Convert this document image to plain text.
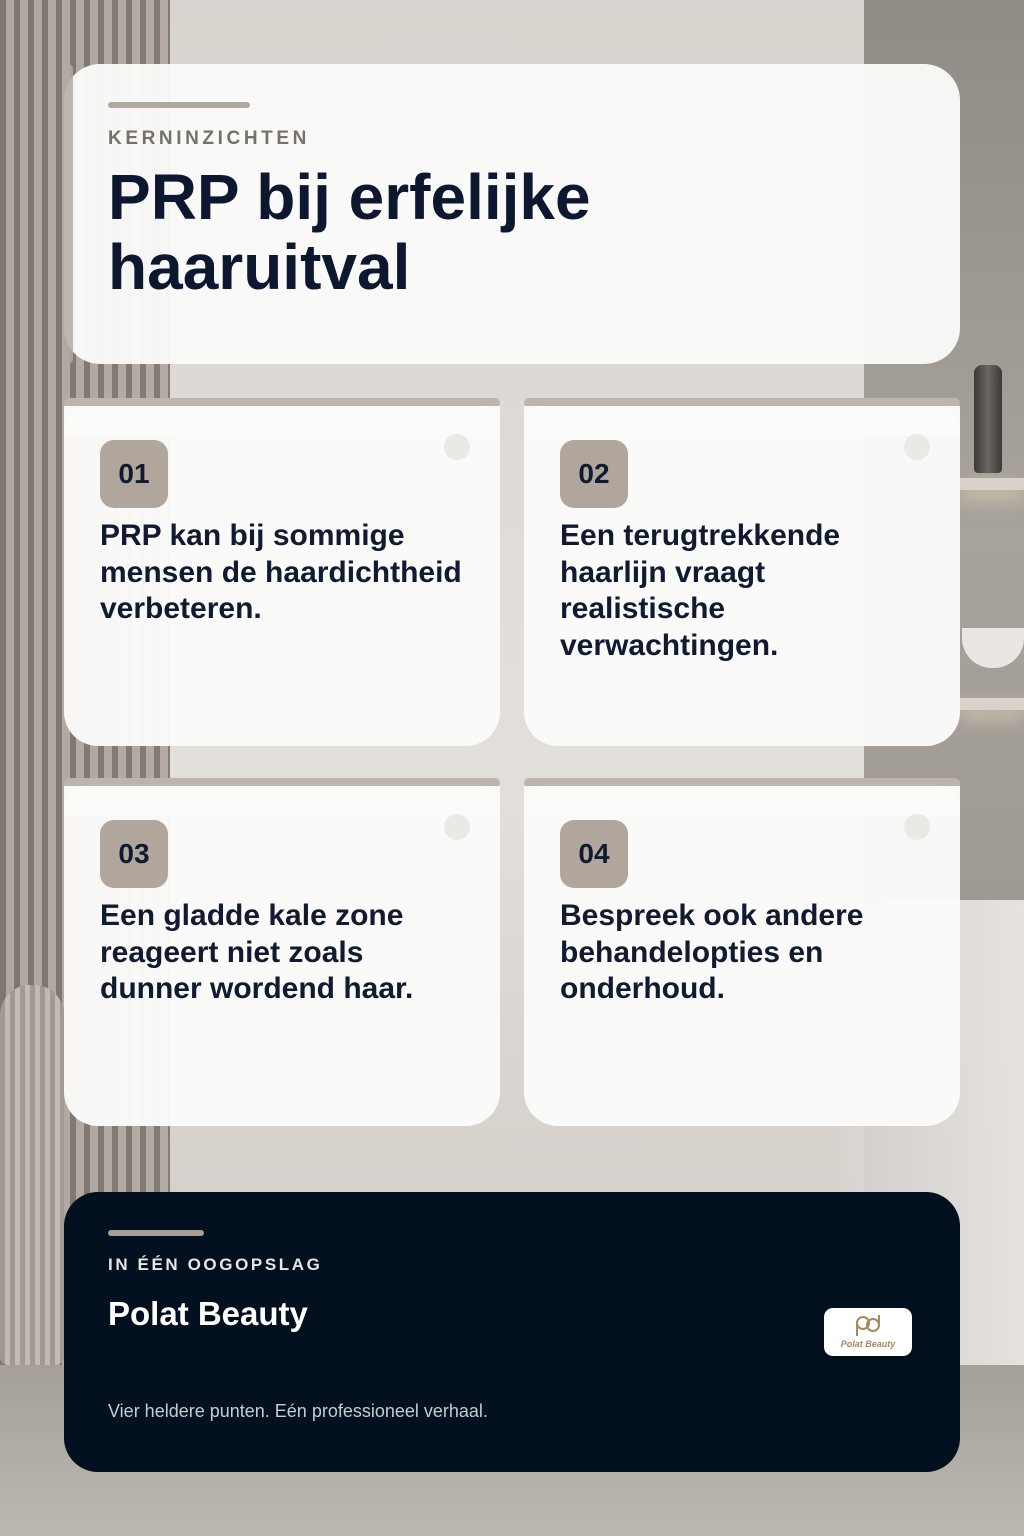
KERNINZICHTEN
PRP bij erfelijke haaruitval
01

PRP kan bij sommige mensen de haardichtheid verbeteren.

02

Een terugtrekkende haarlijn vraagt realistische verwachtingen.

03

Een gladde kale zone reageert niet zoals dunner wordend haar.

04

Bespreek ook andere behandelopties en onderhoud.

IN ÉÉN OOGOPSLAG
Polat Beauty
Vier heldere punten. Eén professioneel verhaal.
Polat Beauty
